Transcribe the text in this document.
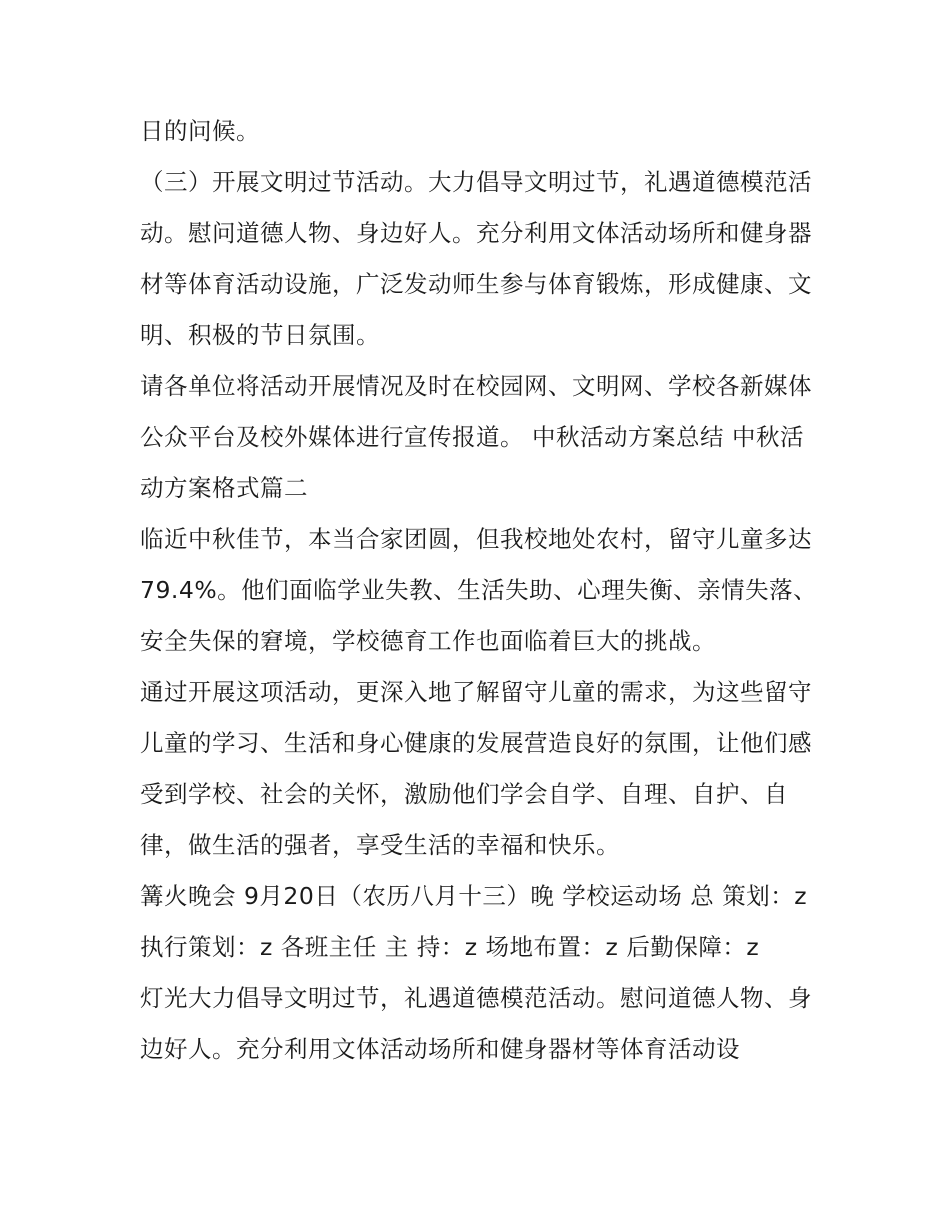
日的问候。

（三）开展文明过节活动。大力倡导文明过节，礼遇道德模范活动。慰问道德人物、身边好人。充分利用文体活动场所和健身器材等体育活动设施，广泛发动师生参与体育锻炼，形成健康、文明、积极的节日氛围。

请各单位将活动开展情况及时在校园网、文明网、学校各新媒体公众平台及校外媒体进行宣传报道。 中秋活动方案总结 中秋活动方案格式篇二

临近中秋佳节，本当合家团圆，但我校地处农村，留守儿童多达79.4%。他们面临学业失教、生活失助、心理失衡、亲情失落、安全失保的窘境，学校德育工作也面临着巨大的挑战。

通过开展这项活动，更深入地了解留守儿童的需求，为这些留守儿童的学习、生活和身心健康的发展营造良好的氛围，让他们感受到学校、社会的关怀，激励他们学会自学、自理、自护、自律，做生活的强者，享受生活的幸福和快乐。

篝火晚会 9月20日（农历八月十三）晚 学校运动场 总 策划：z 执行策划：z 各班主任 主 持：z 场地布置：z 后勤保障：z

灯光大力倡导文明过节，礼遇道德模范活动。慰问道德人物、身边好人。充分利用文体活动场所和健身器材等体育活动设
